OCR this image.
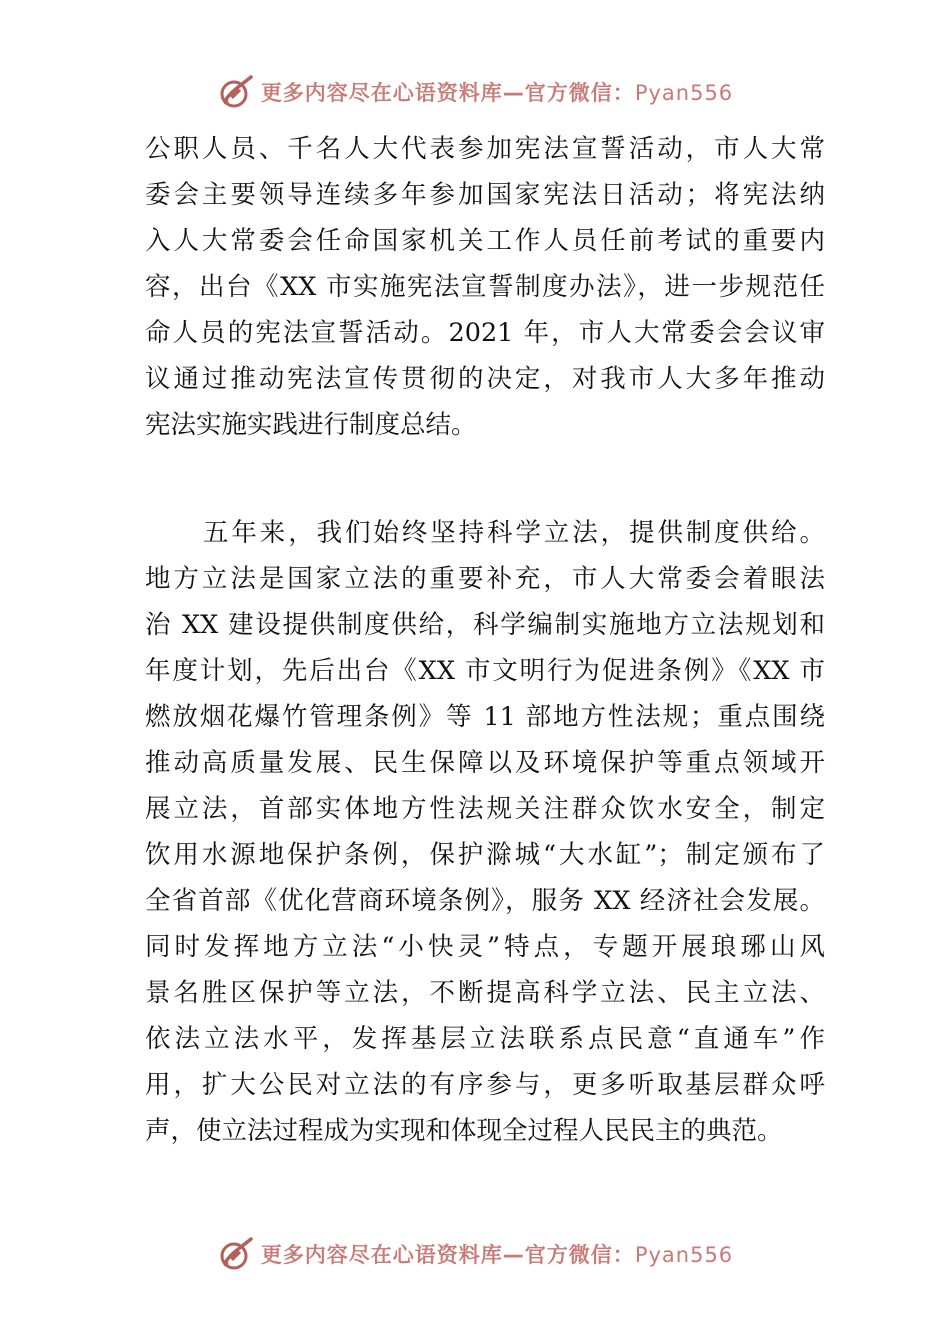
更多内容尽在心语资料库—官方微信：Pyan556
公职人员、千名人大代表参加宪法宣誓活动，市人大常
委会主要领导连续多年参加国家宪法日活动；将宪法纳
入人大常委会任命国家机关工作人员任前考试的重要内
容，出台《XX 市实施宪法宣誓制度办法》，进一步规范任
命人员的宪法宣誓活动。2021 年，市人大常委会会议审
议通过推动宪法宣传贯彻的决定，对我市人大多年推动
宪法实施实践进行制度总结。
五年来，我们始终坚持科学立法，提供制度供给。
地方立法是国家立法的重要补充，市人大常委会着眼法
治 XX 建设提供制度供给，科学编制实施地方立法规划和
年度计划，先后出台《XX 市文明行为促进条例》《XX 市
燃放烟花爆竹管理条例》等 11 部地方性法规；重点围绕
推动高质量发展、民生保障以及环境保护等重点领域开
展立法，首部实体地方性法规关注群众饮水安全，制定
饮用水源地保护条例，保护滁城“大水缸”；制定颁布了
全省首部《优化营商环境条例》，服务 XX 经济社会发展。
同时发挥地方立法“小快灵”特点，专题开展琅琊山风
景名胜区保护等立法，不断提高科学立法、民主立法、
依法立法水平，发挥基层立法联系点民意“直通车”作
用，扩大公民对立法的有序参与，更多听取基层群众呼
声，使立法过程成为实现和体现全过程人民民主的典范。
更多内容尽在心语资料库—官方微信：Pyan556
